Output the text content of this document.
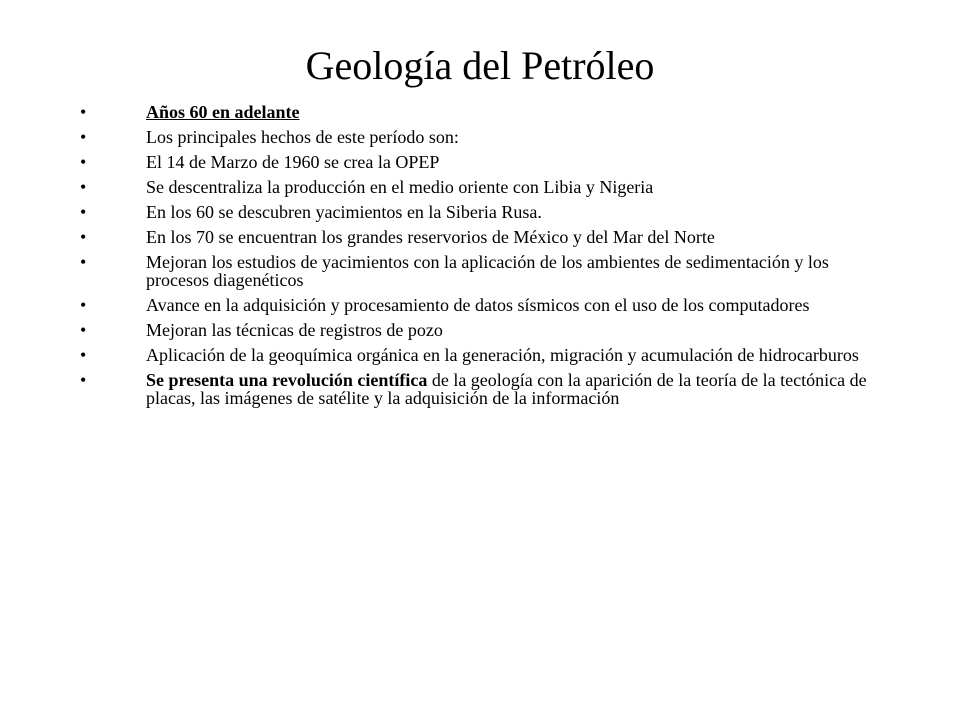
Geología del Petróleo
•	Años 60 en adelante
•	Los principales hechos de este período son:
•	El 14 de Marzo de 1960 se crea la OPEP
•	Se descentraliza la producción en el medio oriente con Libia y Nigeria
•	En los 60 se descubren yacimientos en la Siberia Rusa.
•	En los 70 se encuentran los grandes reservorios de México y del Mar del Norte
•	Mejoran los estudios de yacimientos con la aplicación de los ambientes de sedimentación y los procesos diagenéticos
•	Avance en la adquisición y procesamiento de datos sísmicos con el uso de los computadores
•	Mejoran las técnicas de registros de pozo
•	Aplicación de la geoquímica orgánica en la generación, migración y acumulación de hidrocarburos
•	Se presenta una revolución científica de la geología con la aparición de la teoría de la tectónica de placas, las imágenes de satélite y la adquisición de la información
